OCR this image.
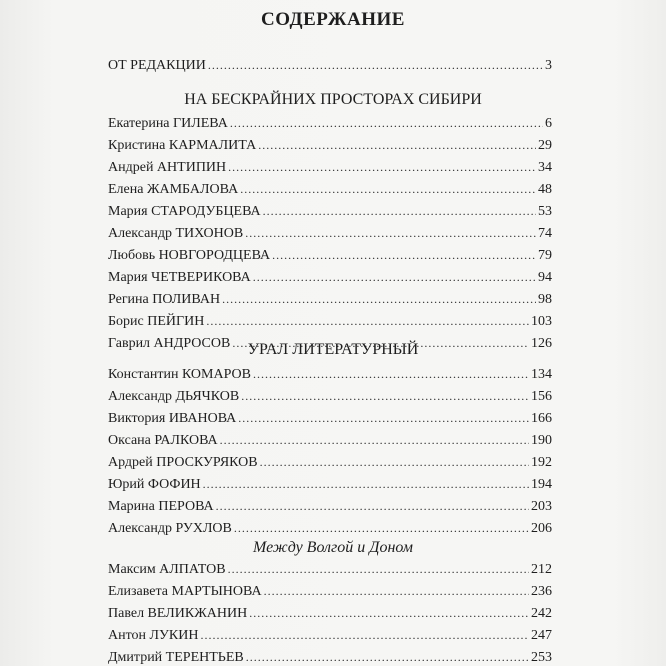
СОДЕРЖАНИЕ
ОТ РЕДАКЦИИ .....	3
НА БЕСКРАЙНИХ ПРОСТОРАХ СИБИРИ
Екатерина ГИЛЕВА .....	6
Кристина КАРМАЛИТА .....	29
Андрей АНТИПИН .....	34
Елена ЖАМБАЛОВА .....	48
Мария СТАРОДУБЦЕВА .....	53
Александр ТИХОНОВ .....	74
Любовь НОВГОРОДЦЕВА .....	79
Мария ЧЕТВЕРИКОВА .....	94
Регина ПОЛИВАН .....	98
Борис ПЕЙГИН .....	103
Гаврил АНДРОСОВ .....	126
УРАЛ ЛИТЕРАТУРНЫЙ
Константин КОМАРОВ .....	134
Александр ДЬЯЧКОВ .....	156
Виктория ИВАНОВА .....	166
Оксана РАЛКОВА .....	190
Ардрей ПРОСКУРЯКОВ .....	192
Юрий ФОФИН .....	194
Марина ПЕРОВА .....	203
Александр РУХЛОВ .....	206
Между Волгой и Доном
Максим АЛПАТОВ .....	212
Елизавета МАРТЫНОВА .....	236
Павел ВЕЛИКЖАНИН .....	242
Антон ЛУКИН .....	247
Дмитрий ТЕРЕНТЬЕВ .....	253
